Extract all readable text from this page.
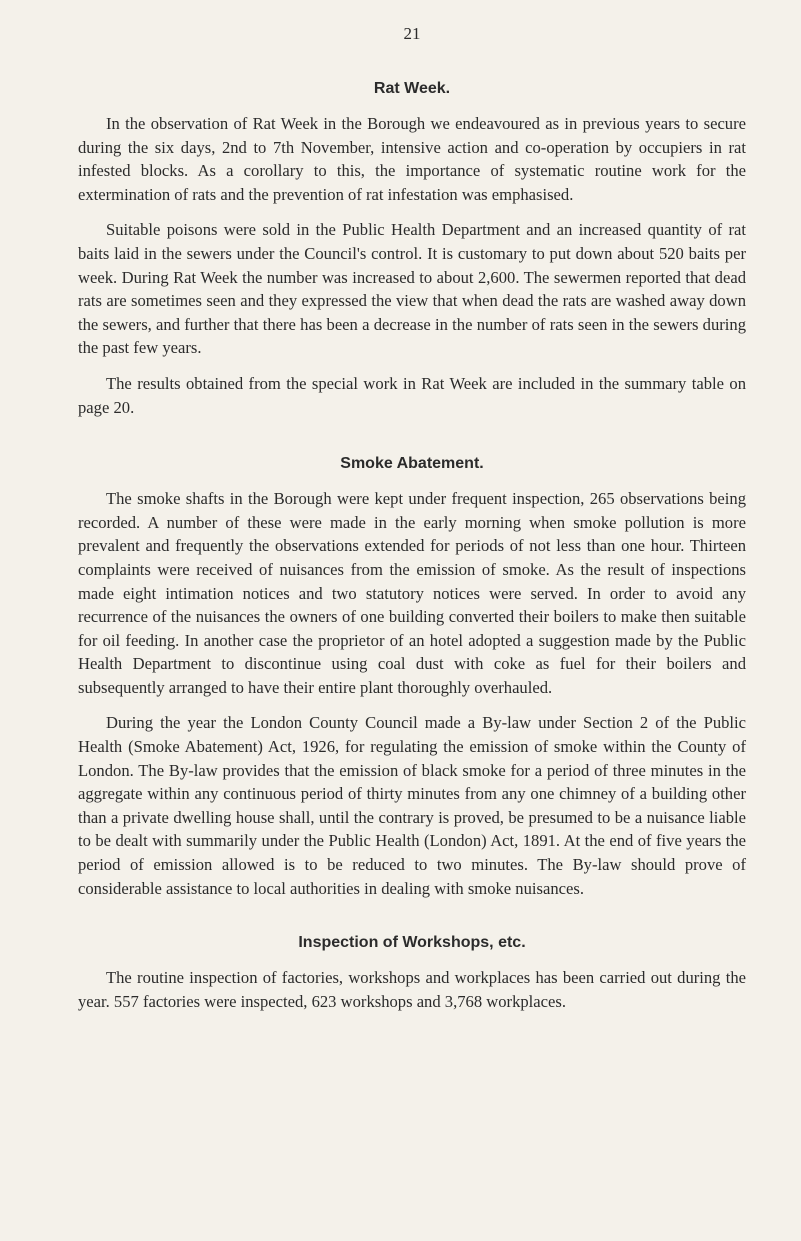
21
Rat Week.

In the observation of Rat Week in the Borough we endeavoured as in previous years to secure during the six days, 2nd to 7th November, intensive action and co-operation by occupiers in rat infested blocks. As a corollary to this, the importance of systematic routine work for the extermination of rats and the prevention of rat infestation was emphasised.

Suitable poisons were sold in the Public Health Department and an increased quantity of rat baits laid in the sewers under the Council's control. It is customary to put down about 520 baits per week. During Rat Week the number was increased to about 2,600. The sewermen reported that dead rats are sometimes seen and they expressed the view that when dead the rats are washed away down the sewers, and further that there has been a decrease in the number of rats seen in the sewers during the past few years.

The results obtained from the special work in Rat Week are included in the summary table on page 20.

Smoke Abatement.

The smoke shafts in the Borough were kept under frequent inspection, 265 observations being recorded. A number of these were made in the early morning when smoke pollution is more prevalent and frequently the observations extended for periods of not less than one hour. Thirteen complaints were received of nuisances from the emission of smoke. As the result of inspections made eight intimation notices and two statutory notices were served. In order to avoid any recurrence of the nuisances the owners of one building converted their boilers to make then suitable for oil feeding. In another case the proprietor of an hotel adopted a suggestion made by the Public Health Department to discontinue using coal dust with coke as fuel for their boilers and subsequently arranged to have their entire plant thoroughly overhauled.

During the year the London County Council made a By-law under Section 2 of the Public Health (Smoke Abatement) Act, 1926, for regulating the emission of smoke within the County of London. The By-law provides that the emission of black smoke for a period of three minutes in the aggregate within any continuous period of thirty minutes from any one chimney of a building other than a private dwelling house shall, until the contrary is proved, be presumed to be a nuisance liable to be dealt with summarily under the Public Health (London) Act, 1891. At the end of five years the period of emission allowed is to be reduced to two minutes. The By-law should prove of considerable assistance to local authorities in dealing with smoke nuisances.

Inspection of Workshops, etc.

The routine inspection of factories, workshops and workplaces has been carried out during the year. 557 factories were inspected, 623 workshops and 3,768 workplaces.
